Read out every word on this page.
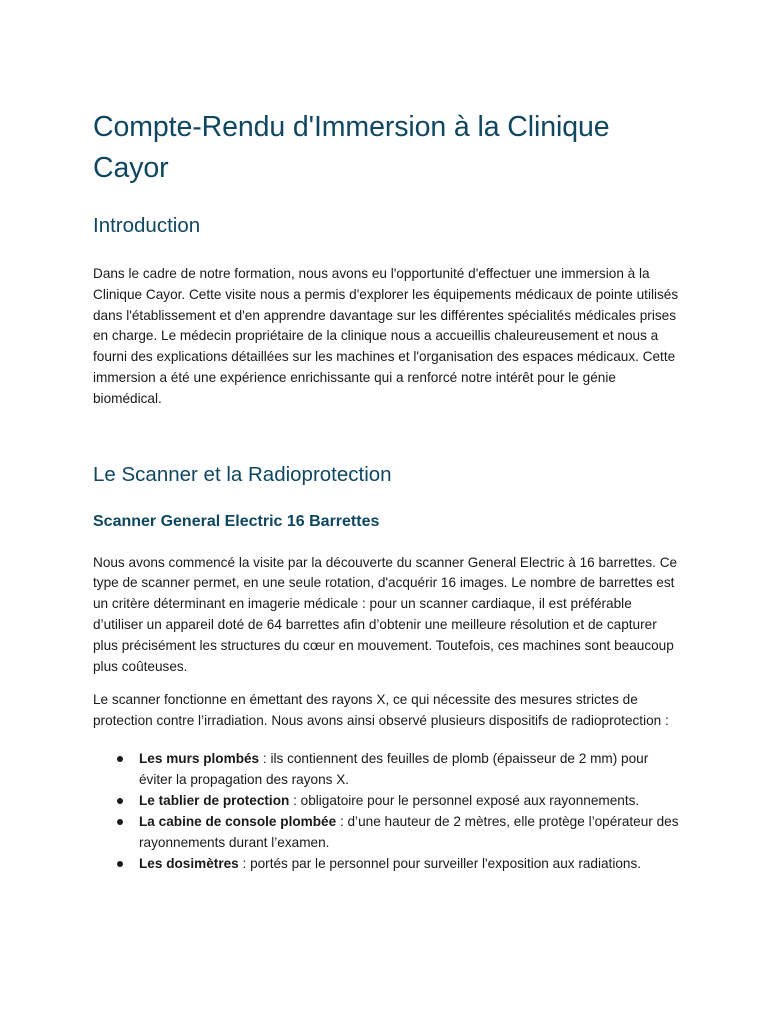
Compte-Rendu d'Immersion à la Clinique Cayor
Introduction

Dans le cadre de notre formation, nous avons eu l'opportunité d'effectuer une immersion à la Clinique Cayor. Cette visite nous a permis d'explorer les équipements médicaux de pointe utilisés dans l'établissement et d'en apprendre davantage sur les différentes spécialités médicales prises en charge. Le médecin propriétaire de la clinique nous a accueillis chaleureusement et nous a fourni des explications détaillées sur les machines et l'organisation des espaces médicaux. Cette immersion a été une expérience enrichissante qui a renforcé notre intérêt pour le génie biomédical.

Le Scanner et la Radioprotection
Scanner General Electric 16 Barrettes

Nous avons commencé la visite par la découverte du scanner General Electric à 16 barrettes. Ce type de scanner permet, en une seule rotation, d'acquérir 16 images. Le nombre de barrettes est un critère déterminant en imagerie médicale : pour un scanner cardiaque, il est préférable d’utiliser un appareil doté de 64 barrettes afin d’obtenir une meilleure résolution et de capturer plus précisément les structures du cœur en mouvement. Toutefois, ces machines sont beaucoup plus coûteuses.

Le scanner fonctionne en émettant des rayons X, ce qui nécessite des mesures strictes de protection contre l’irradiation. Nous avons ainsi observé plusieurs dispositifs de radioprotection :

Les murs plombés : ils contiennent des feuilles de plomb (épaisseur de 2 mm) pour éviter la propagation des rayons X.
Le tablier de protection : obligatoire pour le personnel exposé aux rayonnements.
La cabine de console plombée : d’une hauteur de 2 mètres, elle protège l’opérateur des rayonnements durant l’examen.
Les dosimètres : portés par le personnel pour surveiller l'exposition aux radiations.
